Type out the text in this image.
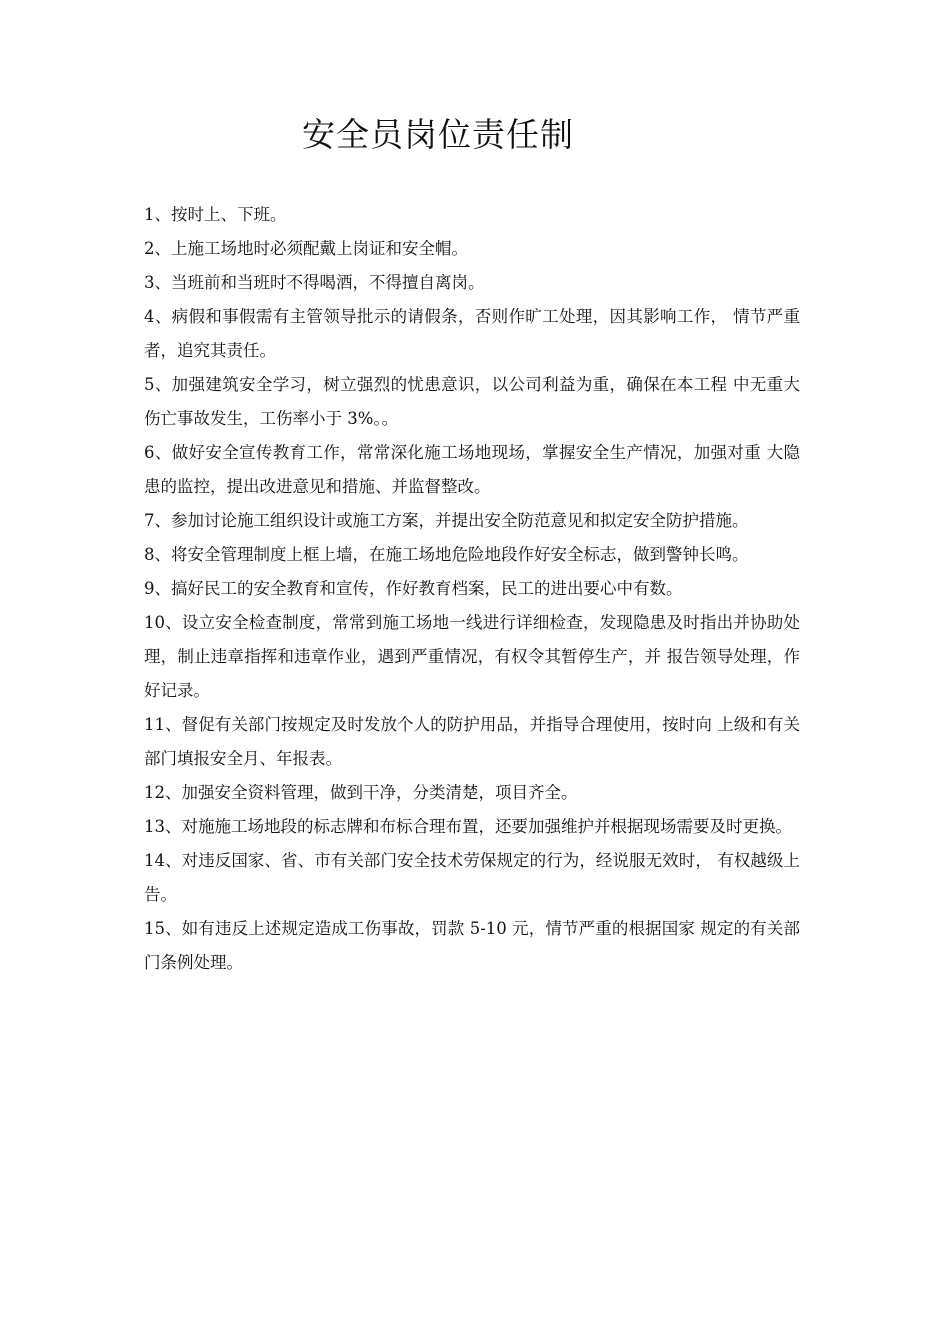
安全员岗位责任制
1、按时上、下班。
2、上施工场地时必须配戴上岗证和安全帽。
3、当班前和当班时不得喝酒，不得擅自离岗。
4、病假和事假需有主管领导批示的请假条，否则作旷工处理，因其影响工作， 情节严重者，追究其责任。
5、加强建筑安全学习，树立强烈的忧患意识，以公司利益为重，确保在本工程 中无重大伤亡事故发生，工伤率小于 3%。。
6、做好安全宣传教育工作，常常深化施工场地现场，掌握安全生产情况，加强对重 大隐患的监控，提出改进意见和措施、并监督整改。
7、参加讨论施工组织设计或施工方案，并提出安全防范意见和拟定安全防护措施。
8、将安全管理制度上框上墙，在施工场地危险地段作好安全标志，做到警钟长鸣。
9、搞好民工的安全教育和宣传，作好教育档案，民工的进出要心中有数。
10、设立安全检查制度，常常到施工场地一线进行详细检查，发现隐患及时指出并协助处理，制止违章指挥和违章作业，遇到严重情况，有权令其暂停生产，并 报告领导处理，作好记录。
11、督促有关部门按规定及时发放个人的防护用品，并指导合理使用，按时向 上级和有关部门填报安全月、年报表。
12、加强安全资料管理，做到干净，分类清楚，项目齐全。
13、对施施工场地段的标志牌和布标合理布置，还要加强维护并根据现场需要及时更换。
14、对违反国家、省、市有关部门安全技术劳保规定的行为，经说服无效时， 有权越级上告。
15、如有违反上述规定造成工伤事故，罚款 5-10 元，情节严重的根据国家 规定的有关部门条例处理。
